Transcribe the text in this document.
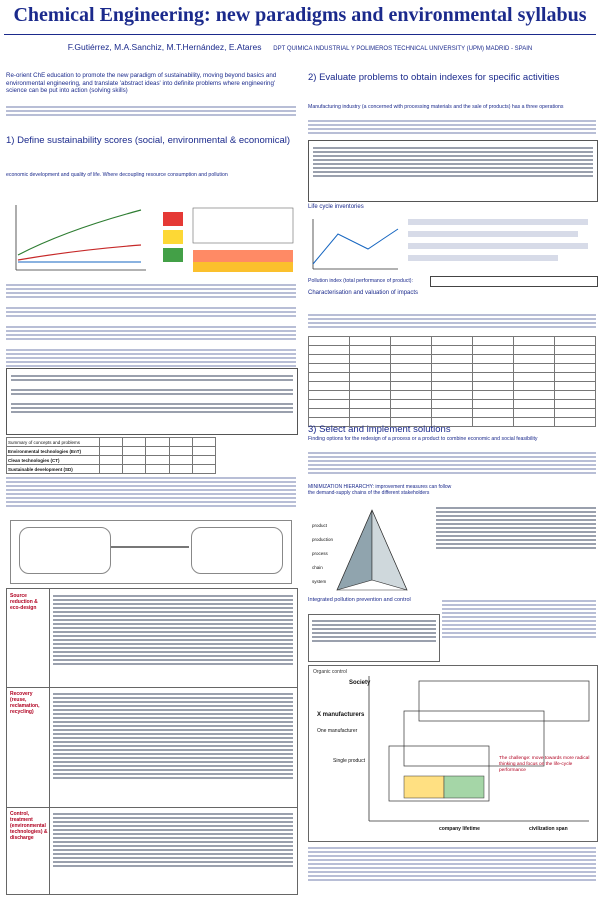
Chemical Engineering: new paradigms and environmental syllabus
F.Gutiérrez, M.A.Sanchiz, M.T.Hernández, E.Atares DPT QUIMICA INDUSTRIAL Y POLIMEROS TECHNICAL UNIVERSITY (UPM) MADRID - SPAIN
Re-orient ChE education to promote the new paradigm of sustainability, moving beyond basics and environmental engineering, and translate 'abstract ideas' into definite problems where engineering' science can be put into action (solving skills)
1) Define sustainability scores (social, environmental & economical)
economic development and quality of life. Where decoupling resource consumption and pollution
Summary of concepts and problems					
Environmental technologies (EnT)					
Clean technologies (CT)					
Sustainable development (SD)					
Source reduction & eco-design
Recovery (reuse, reclamation, recycling)
Control, treatment (environmental technologies) & discharge
2) Evaluate problems to obtain indexes for specific activities
Manufacturing industry (a concerned with processing materials and the sale of products) has a three operations
Life cycle inventories
Pollution index (total performance of product):
Characterisation and valuation of impacts

3) Select and implement solutions
Finding options for the redesign of a process or a product to combine economic and social feasibility
MINIMIZATION HIERARCHY: improvement measures can follow the demand-supply chains of the different stakeholders
product
production
process
chain
system
Integrated pollution prevention and control
Organic control
Society
X manufacturers
One manufacturer
Single product
company lifetime	civilization span
The challenge: move towards more radical thinking and focus on the life-cycle performance
